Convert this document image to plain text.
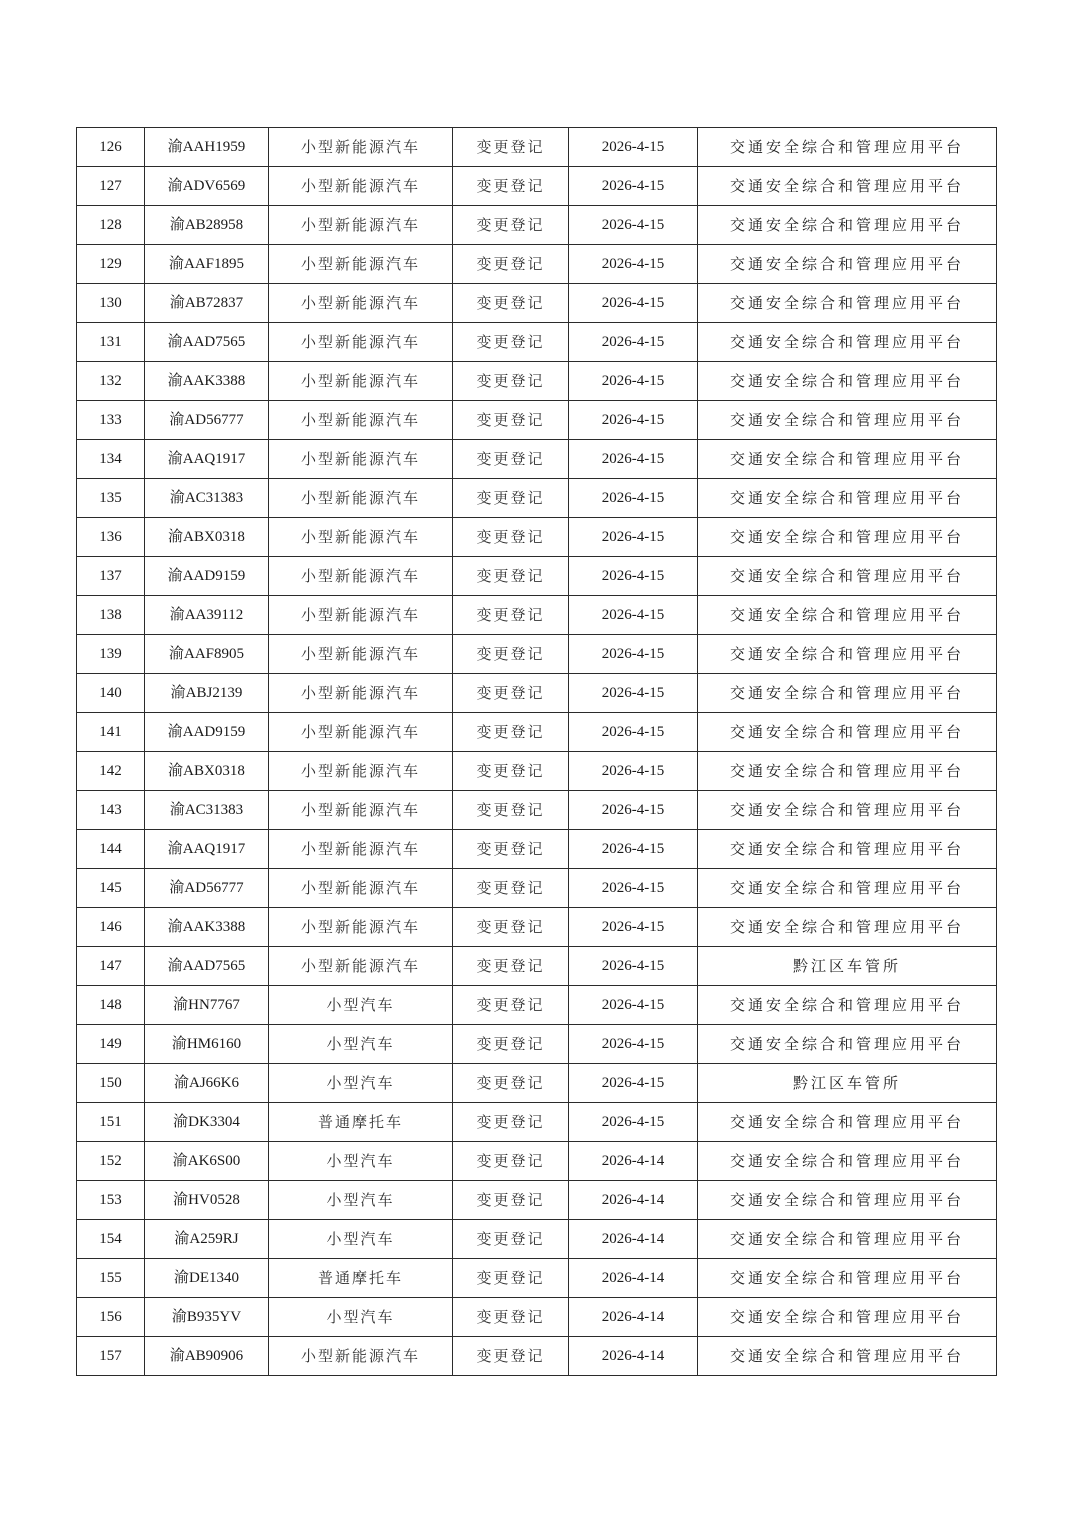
126	渝AAH1959	小型新能源汽车	变更登记	2026-4-15	交通安全综合和管理应用平台
127	渝ADV6569	小型新能源汽车	变更登记	2026-4-15	交通安全综合和管理应用平台
128	渝AB28958	小型新能源汽车	变更登记	2026-4-15	交通安全综合和管理应用平台
129	渝AAF1895	小型新能源汽车	变更登记	2026-4-15	交通安全综合和管理应用平台
130	渝AB72837	小型新能源汽车	变更登记	2026-4-15	交通安全综合和管理应用平台
131	渝AAD7565	小型新能源汽车	变更登记	2026-4-15	交通安全综合和管理应用平台
132	渝AAK3388	小型新能源汽车	变更登记	2026-4-15	交通安全综合和管理应用平台
133	渝AD56777	小型新能源汽车	变更登记	2026-4-15	交通安全综合和管理应用平台
134	渝AAQ1917	小型新能源汽车	变更登记	2026-4-15	交通安全综合和管理应用平台
135	渝AC31383	小型新能源汽车	变更登记	2026-4-15	交通安全综合和管理应用平台
136	渝ABX0318	小型新能源汽车	变更登记	2026-4-15	交通安全综合和管理应用平台
137	渝AAD9159	小型新能源汽车	变更登记	2026-4-15	交通安全综合和管理应用平台
138	渝AA39112	小型新能源汽车	变更登记	2026-4-15	交通安全综合和管理应用平台
139	渝AAF8905	小型新能源汽车	变更登记	2026-4-15	交通安全综合和管理应用平台
140	渝ABJ2139	小型新能源汽车	变更登记	2026-4-15	交通安全综合和管理应用平台
141	渝AAD9159	小型新能源汽车	变更登记	2026-4-15	交通安全综合和管理应用平台
142	渝ABX0318	小型新能源汽车	变更登记	2026-4-15	交通安全综合和管理应用平台
143	渝AC31383	小型新能源汽车	变更登记	2026-4-15	交通安全综合和管理应用平台
144	渝AAQ1917	小型新能源汽车	变更登记	2026-4-15	交通安全综合和管理应用平台
145	渝AD56777	小型新能源汽车	变更登记	2026-4-15	交通安全综合和管理应用平台
146	渝AAK3388	小型新能源汽车	变更登记	2026-4-15	交通安全综合和管理应用平台
147	渝AAD7565	小型新能源汽车	变更登记	2026-4-15	黔江区车管所
148	渝HN7767	小型汽车	变更登记	2026-4-15	交通安全综合和管理应用平台
149	渝HM6160	小型汽车	变更登记	2026-4-15	交通安全综合和管理应用平台
150	渝AJ66K6	小型汽车	变更登记	2026-4-15	黔江区车管所
151	渝DK3304	普通摩托车	变更登记	2026-4-15	交通安全综合和管理应用平台
152	渝AK6S00	小型汽车	变更登记	2026-4-14	交通安全综合和管理应用平台
153	渝HV0528	小型汽车	变更登记	2026-4-14	交通安全综合和管理应用平台
154	渝A259RJ	小型汽车	变更登记	2026-4-14	交通安全综合和管理应用平台
155	渝DE1340	普通摩托车	变更登记	2026-4-14	交通安全综合和管理应用平台
156	渝B935YV	小型汽车	变更登记	2026-4-14	交通安全综合和管理应用平台
157	渝AB90906	小型新能源汽车	变更登记	2026-4-14	交通安全综合和管理应用平台
